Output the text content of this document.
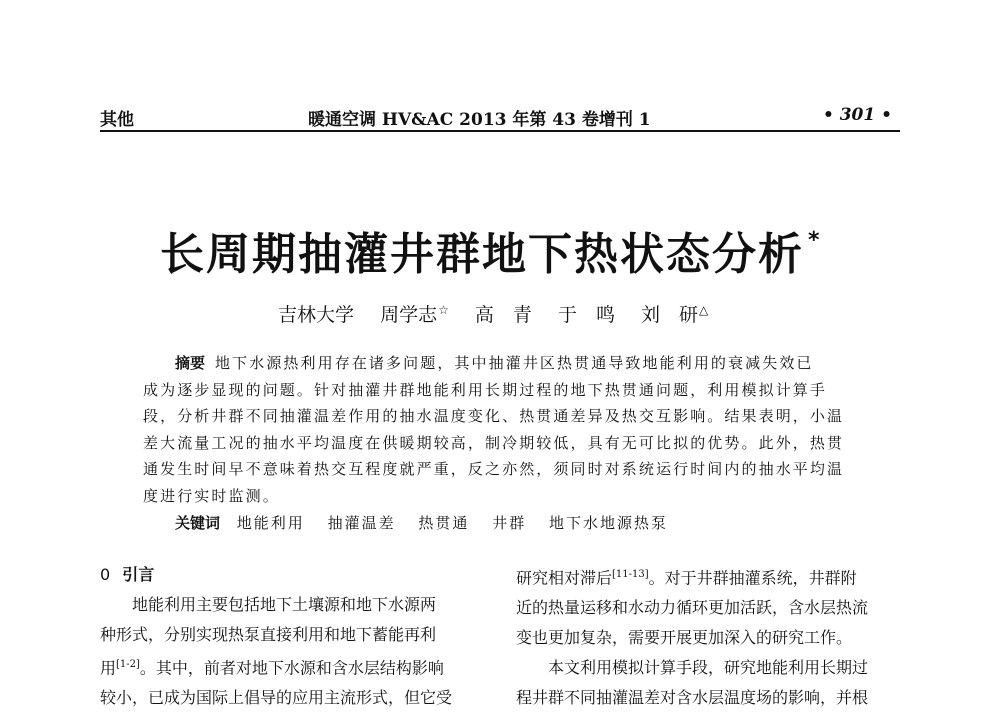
其他	暖通空调 HV&AC 2013 年第 43 卷增刊 1	• 301 •
长周期抽灌井群地下热状态分析 *
吉林大学 周学志☆ 高　青 于　鸣 刘　研△
摘要 地下水源热利用存在诸多问题，其中抽灌井区热贯通导致地能利用的衰减失效已
成为逐步显现的问题。针对抽灌井群地能利用长期过程的地下热贯通问题，利用模拟计算手
段，分析井群不同抽灌温差作用的抽水温度变化、热贯通差异及热交互影响。结果表明，小温
差大流量工况的抽水平均温度在供暖期较高，制冷期较低，具有无可比拟的优势。此外，热贯
通发生时间早不意味着热交互程度就严重，反之亦然，须同时对系统运行时间内的抽水平均温
度进行实时监测。
关键词 地能利用 抽灌温差 热贯通 井群 地下水地源热泵
0 引言
地能利用主要包括地下土壤源和地下水源两
种形式，分别实现热泵直接利用和地下蓄能再利
用[1-2]。其中，前者对地下水源和含水层结构影响
较小，已成为国际上倡导的应用主流形式，但它受
研究相对滞后[11-13]。对于井群抽灌系统，井群附
近的热量运移和水动力循环更加活跃，含水层热流
变也更加复杂，需要开展更加深入的研究工作。
本文利用模拟计算手段，研究地能利用长期过
程井群不同抽灌温差对含水层温度场的影响，并根
